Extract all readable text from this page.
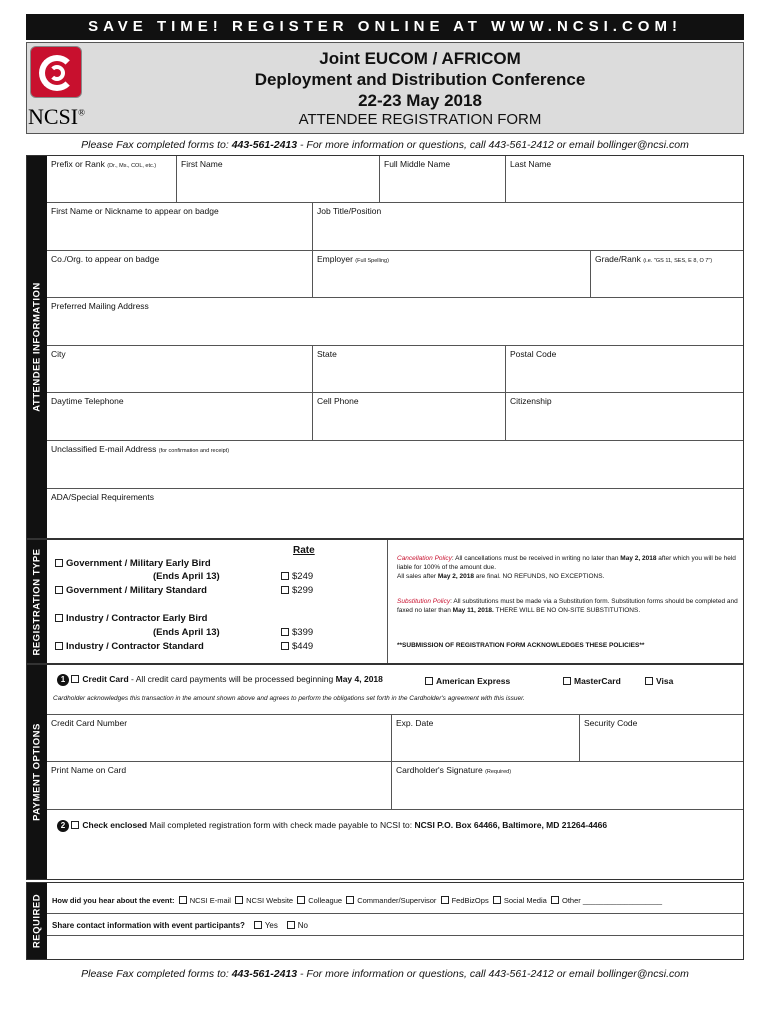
SAVE TIME! REGISTER ONLINE AT WWW.NCSI.COM!
NCSI®
Joint EUCOM / AFRICOM
Deployment and Distribution Conference
22-23 May 2018
ATTENDEE REGISTRATION FORM
Please Fax completed forms to: 443-561-2413 - For more information or questions, call 443-561-2412 or email bollinger@ncsi.com
ATTENDEE INFORMATION
Prefix or Rank (Dr., Ms., COL, etc.)	First Name	Full Middle Name	Last Name
First Name or Nickname to appear on badge	Job Title/Position
Co./Org. to appear on badge	Employer (Full Spelling)	Grade/Rank (i.e. "GS 11, SES, E 8, O 7")
Preferred Mailing Address
City	State	Postal Code
Daytime Telephone	Cell Phone	Citizenship
Unclassified E-mail Address (for confirmation and receipt)
ADA/Special Requirements
REGISTRATION TYPE	Rate
Government / Military Early Bird
(Ends April 13)	$249
Government / Military Standard	$299
Industry / Contractor Early Bird
(Ends April 13)	$399
Industry / Contractor Standard	$449
Cancellation Policy: All cancellations must be received in writing no later than May 2, 2018 after which you will be held liable for 100% of the amount due.
All sales after May 2, 2018 are final. NO REFUNDS, NO EXCEPTIONS.
Substitution Policy: All substitutions must be made via a Substitution form. Substitution forms should be completed and faxed no later than May 11, 2018. THERE WILL BE NO ON-SITE SUBSTITUTIONS.
**SUBMISSION OF REGISTRATION FORM ACKNOWLEDGES THESE POLICIES**
PAYMENT OPTIONS
1 Credit Card - All credit card payments will be processed beginning May 4, 2018	American Express	MasterCard	Visa
Cardholder acknowledges this transaction in the amount shown above and agrees to perform the obligations set forth in the Cardholder's agreement with this issuer.
Credit Card Number	Exp. Date	Security Code
Print Name on Card	Cardholder's Signature (Required)
2 Check enclosed Mail completed registration form with check made payable to NCSI to: NCSI P.O. Box 64466, Baltimore, MD 21264-4466
REQUIRED How did you hear about the event: NCSI E-mail NCSI Website Colleague Commander/Supervisor FedBizOps Social Media Other ___________________
Share contact information with event participants? Yes No
Please Fax completed forms to: 443-561-2413 - For more information or questions, call 443-561-2412 or email bollinger@ncsi.com
